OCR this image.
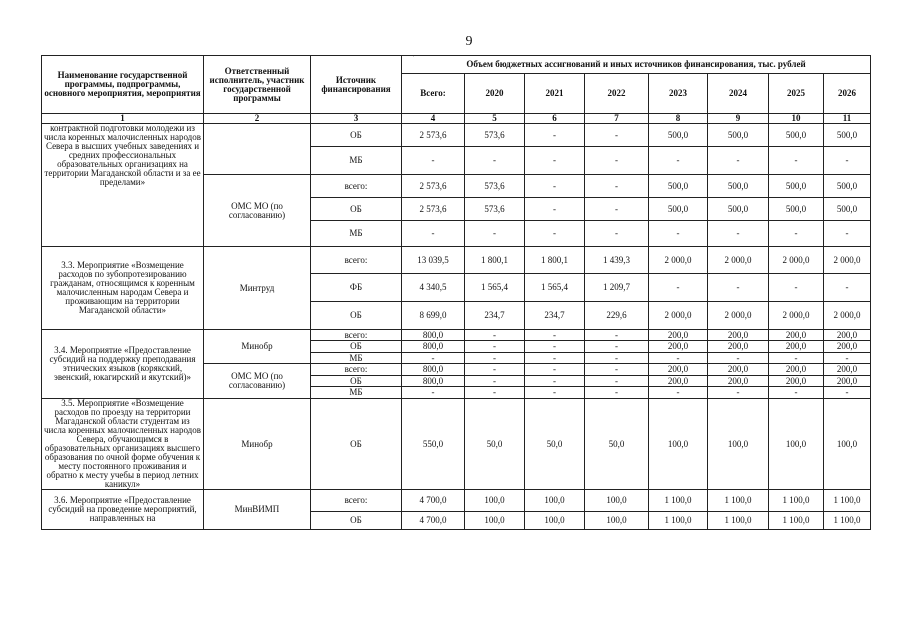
9
·
Наименование государственной программы, подпрограммы, основного мероприятия, мероприятия	Ответственный исполнитель, участник государственной программы	Источник финансирования	Объем бюджетных ассигнований и иных источников финансирования, тыс. рублей							
			Всего:	2020	2021	2022	2023	2024	2025	2026
1	2	3	4	5	6	7	8	9	10	11
контрактной подготовки молодежи из числа коренных малочисленных народов Севера в высших учебных заведениях и средних профессиональных образовательных организациях на территории Магаданской области и за ее пределами»		ОБ	2 573,6	573,6	-	-	500,0	500,0	500,0	500,0
		МБ	-	-	-	-	-	-	-	-
	ОМС МО (по согласованию)	всего:	2 573,6	573,6	-	-	500,0	500,0	500,0	500,0
		ОБ	2 573,6	573,6	-	-	500,0	500,0	500,0	500,0
		МБ	-	-	-	-	-	-	-	-
3.3. Мероприятие «Возмещение расходов по зубопротезированию гражданам, относящимся к коренным малочисленным народам Севера и проживающим на территории Магаданской области»	Минтруд	всего:	13 039,5	1 800,1	1 800,1	1 439,3	2 000,0	2 000,0	2 000,0	2 000,0
		ФБ	4 340,5	1 565,4	1 565,4	1 209,7	-	-	-	-
		ОБ	8 699,0	234,7	234,7	229,6	2 000,0	2 000,0	2 000,0	2 000,0
3.4. Мероприятие «Предоставление субсидий на поддержку преподавания этнических языков (корякский, эвенский, юкагирский и якутский)»	Минобр	всего:	800,0	-	-	-	200,0	200,0	200,0	200,0
		ОБ	800,0	-	-	-	200,0	200,0	200,0	200,0
		МБ	-	-	-	-	-	-	-	-
	ОМС МО (по согласованию)	всего:	800,0	-	-	-	200,0	200,0	200,0	200,0
		ОБ	800,0	-	-	-	200,0	200,0	200,0	200,0
		МБ	-	-	-	-	-	-	-	-
3.5. Мероприятие «Возмещение расходов по проезду на территории Магаданской области студентам из числа коренных малочисленных народов Севера, обучающимся в образовательных организациях высшего образования по очной форме обучения к месту постоянного проживания и обратно к месту учебы в период летних каникул»	Минобр	ОБ	550,0	50,0	50,0	50,0	100,0	100,0	100,0	100,0
3.6. Мероприятие «Предоставление субсидий на проведение мероприятий, направленных на	МинВИМП	всего:	4 700,0	100,0	100,0	100,0	1 100,0	1 100,0	1 100,0	1 100,0
		ОБ	4 700,0	100,0	100,0	100,0	1 100,0	1 100,0	1 100,0	1 100,0
